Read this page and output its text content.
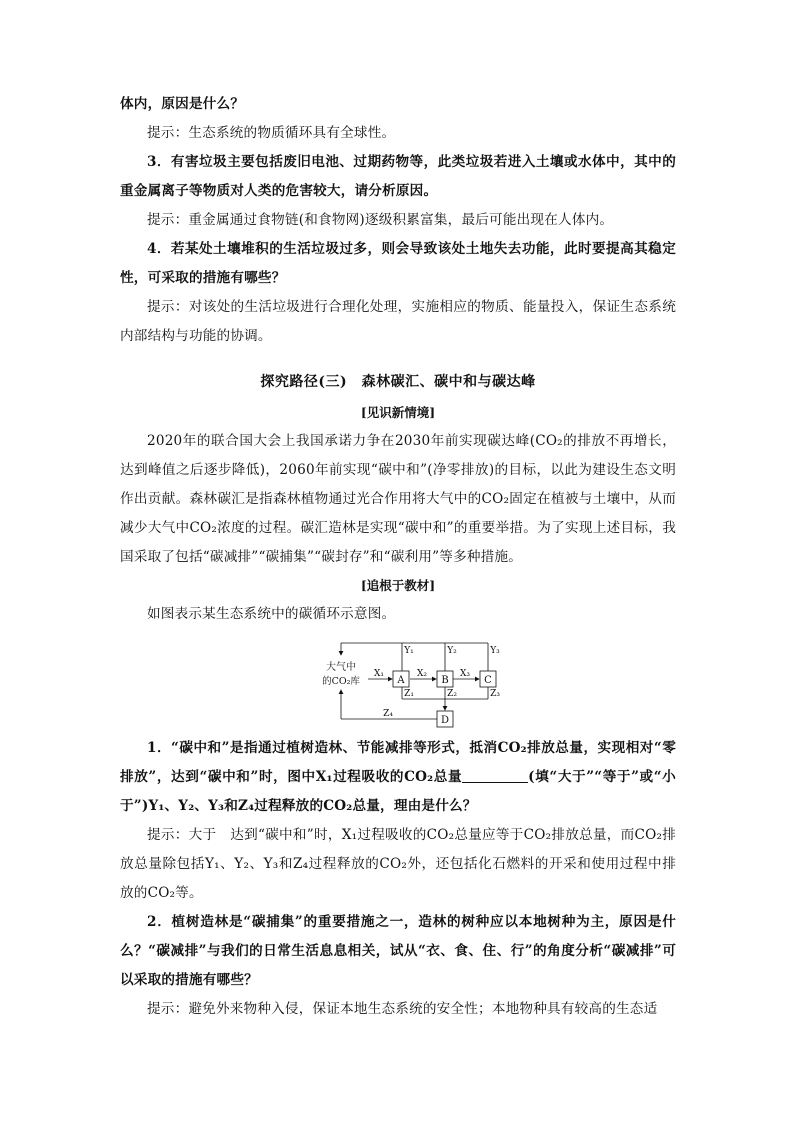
体内，原因是什么？

提示：生态系统的物质循环具有全球性。

3．有害垃圾主要包括废旧电池、过期药物等，此类垃圾若进入土壤或水体中，其中的重金属离子等物质对人类的危害较大，请分析原因。

提示：重金属通过食物链(和食物网)逐级积累富集，最后可能出现在人体内。

4．若某处土壤堆积的生活垃圾过多，则会导致该处土地失去功能，此时要提高其稳定性，可采取的措施有哪些？

提示：对该处的生活垃圾进行合理化处理，实施相应的物质、能量投入，保证生态系统内部结构与功能的协调。

探究路径(三)　森林碳汇、碳中和与碳达峰
[见识新情境]

2020年的联合国大会上我国承诺力争在2030年前实现碳达峰(CO₂的排放不再增长，达到峰值之后逐步降低)，2060年前实现“碳中和”(净零排放)的目标，以此为建设生态文明作出贡献。森林碳汇是指森林植物通过光合作用将大气中的CO₂固定在植被与土壤中，从而减少大气中CO₂浓度的过程。碳汇造林是实现“碳中和”的重要举措。为了实现上述目标，我国采取了包括“碳减排”“碳捕集”“碳封存”和“碳利用”等多种措施。

[追根于教材]

如图表示某生态系统中的碳循环示意图。

大气中
的CO₂库	A	B	C
D
X₁	X₂	X₃
Y₁	Y₂	Y₃
Z₁	Z₂	Z₃
Z₄

1．“碳中和”是指通过植树造林、节能减排等形式，抵消CO₂排放总量，实现相对“零排放”，达到“碳中和”时，图中X₁过程吸收的CO₂总量	(填“大于”“等于”或“小于”)Y₁、Y₂、Y₃和Z₄过程释放的CO₂总量，理由是什么？

提示：大于　达到“碳中和”时，X₁过程吸收的CO₂总量应等于CO₂排放总量，而CO₂排放总量除包括Y₁、Y₂、Y₃和Z₄过程释放的CO₂外，还包括化石燃料的开采和使用过程中排放的CO₂等。

2．植树造林是“碳捕集”的重要措施之一，造林的树种应以本地树种为主，原因是什么？“碳减排”与我们的日常生活息息相关，试从“衣、食、住、行”的角度分析“碳减排”可以采取的措施有哪些？

提示：避免外来物种入侵，保证本地生态系统的安全性；本地物种具有较高的生态适
